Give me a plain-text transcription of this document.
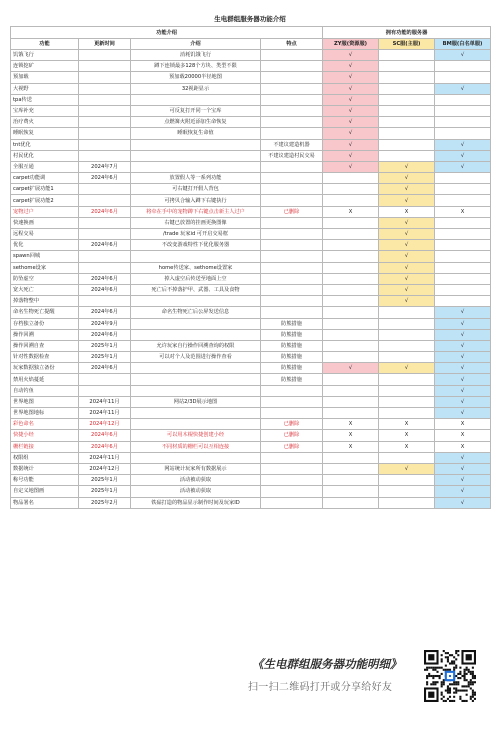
生电群组服务器功能介绍
功能介绍				拥有功能的服务器		
功能	更新时间	介绍	特点	ZY服(资源服)	SC服(主服)	BM服(白名单服)
饥饿飞行		消耗饥饿飞行		√		√
连锁挖矿		蹲下连锁最多128个方块、类型不限		√		
预加载		预加载20000半径地图		√		
大视野		32视距显示		√		√
tpa传送				√		
宝库补充		可反复打开同一个宝库		√		
治疗费火		点燃篝火附近添加生命恢复		√		
睡眠恢复		睡眠恢复生命值		√		
tnt优化			不建议建造机器	√		√
村民优化			不建议建造村民交易	√		√
全服互通	2024年7月			√	√	√
carpet功能调	2024年6月	放置假人等一系列功能			√	
carpet扩展功能1		可右键打开假人背包			√	
carpet扩展功能2		可拷贝合输入蹲下右键执行			√	
宠物过户	2024年6月	将牵在手中的宠物蹲下右键点击新主人过户	已删除	X	X	X
快速换画		右键已放置的挂画更换图像			√	
远程交易		/trade 玩家id 可开启交易框			√	
优化	2024年6月	不改变游戏特性下优化服务器			√	
spawn回城					√	
sethome设家		home传送家、sethome设置家			√	
防坠虚空	2024年6月	掉入虚空后传送至地面上空			√	
宽大死亡	2024年6月	死亡后不掉落护甲、武器、工具及食物			√	
掉落物整中					√	
命名生物死亡提醒	2024年6月	命名生物死亡后公屏发送信息				√
存档独立备份	2024年9月		防熊措施			√
操作回溯	2024年6月		防熊措施			√
操作回溯自查	2025年1月	允许玩家自行操作回溯查询的权限	防熊措施			√
针对性数据检查	2025年1月	可以对个人及范围进行操作查看	防熊措施			√
玩家数据独立备份	2024年6月		防熊措施	√	√	√
禁用火焰蔓延			防熊措施			√
自动钓鱼						√
世界地图	2024年11月	网站2/3D展示地图				√
世界地图地标	2024年11月					√
彩色命名	2024年12月		已删除	X	X	X
快捷小经	2024年6月	可以用木棍快捷创建小经	已删除	X	X	X
栅栏链接	2024年6月	不同材质的栅栏可以互相连接	已删除	X	X	X
权限组	2024年11月					√
数据统计	2024年12月	网站统计玩家所有数据展示			√	√
称号功能	2025年1月	活动被动获取				√
自定义地图画	2025年1月	活动被动获取				√
物品署名	2025年2月	铁砧打造的物品显示制作时间及玩家ID				√
《生电群组服务器功能明细》
扫一扫二维码打开或分享给好友
